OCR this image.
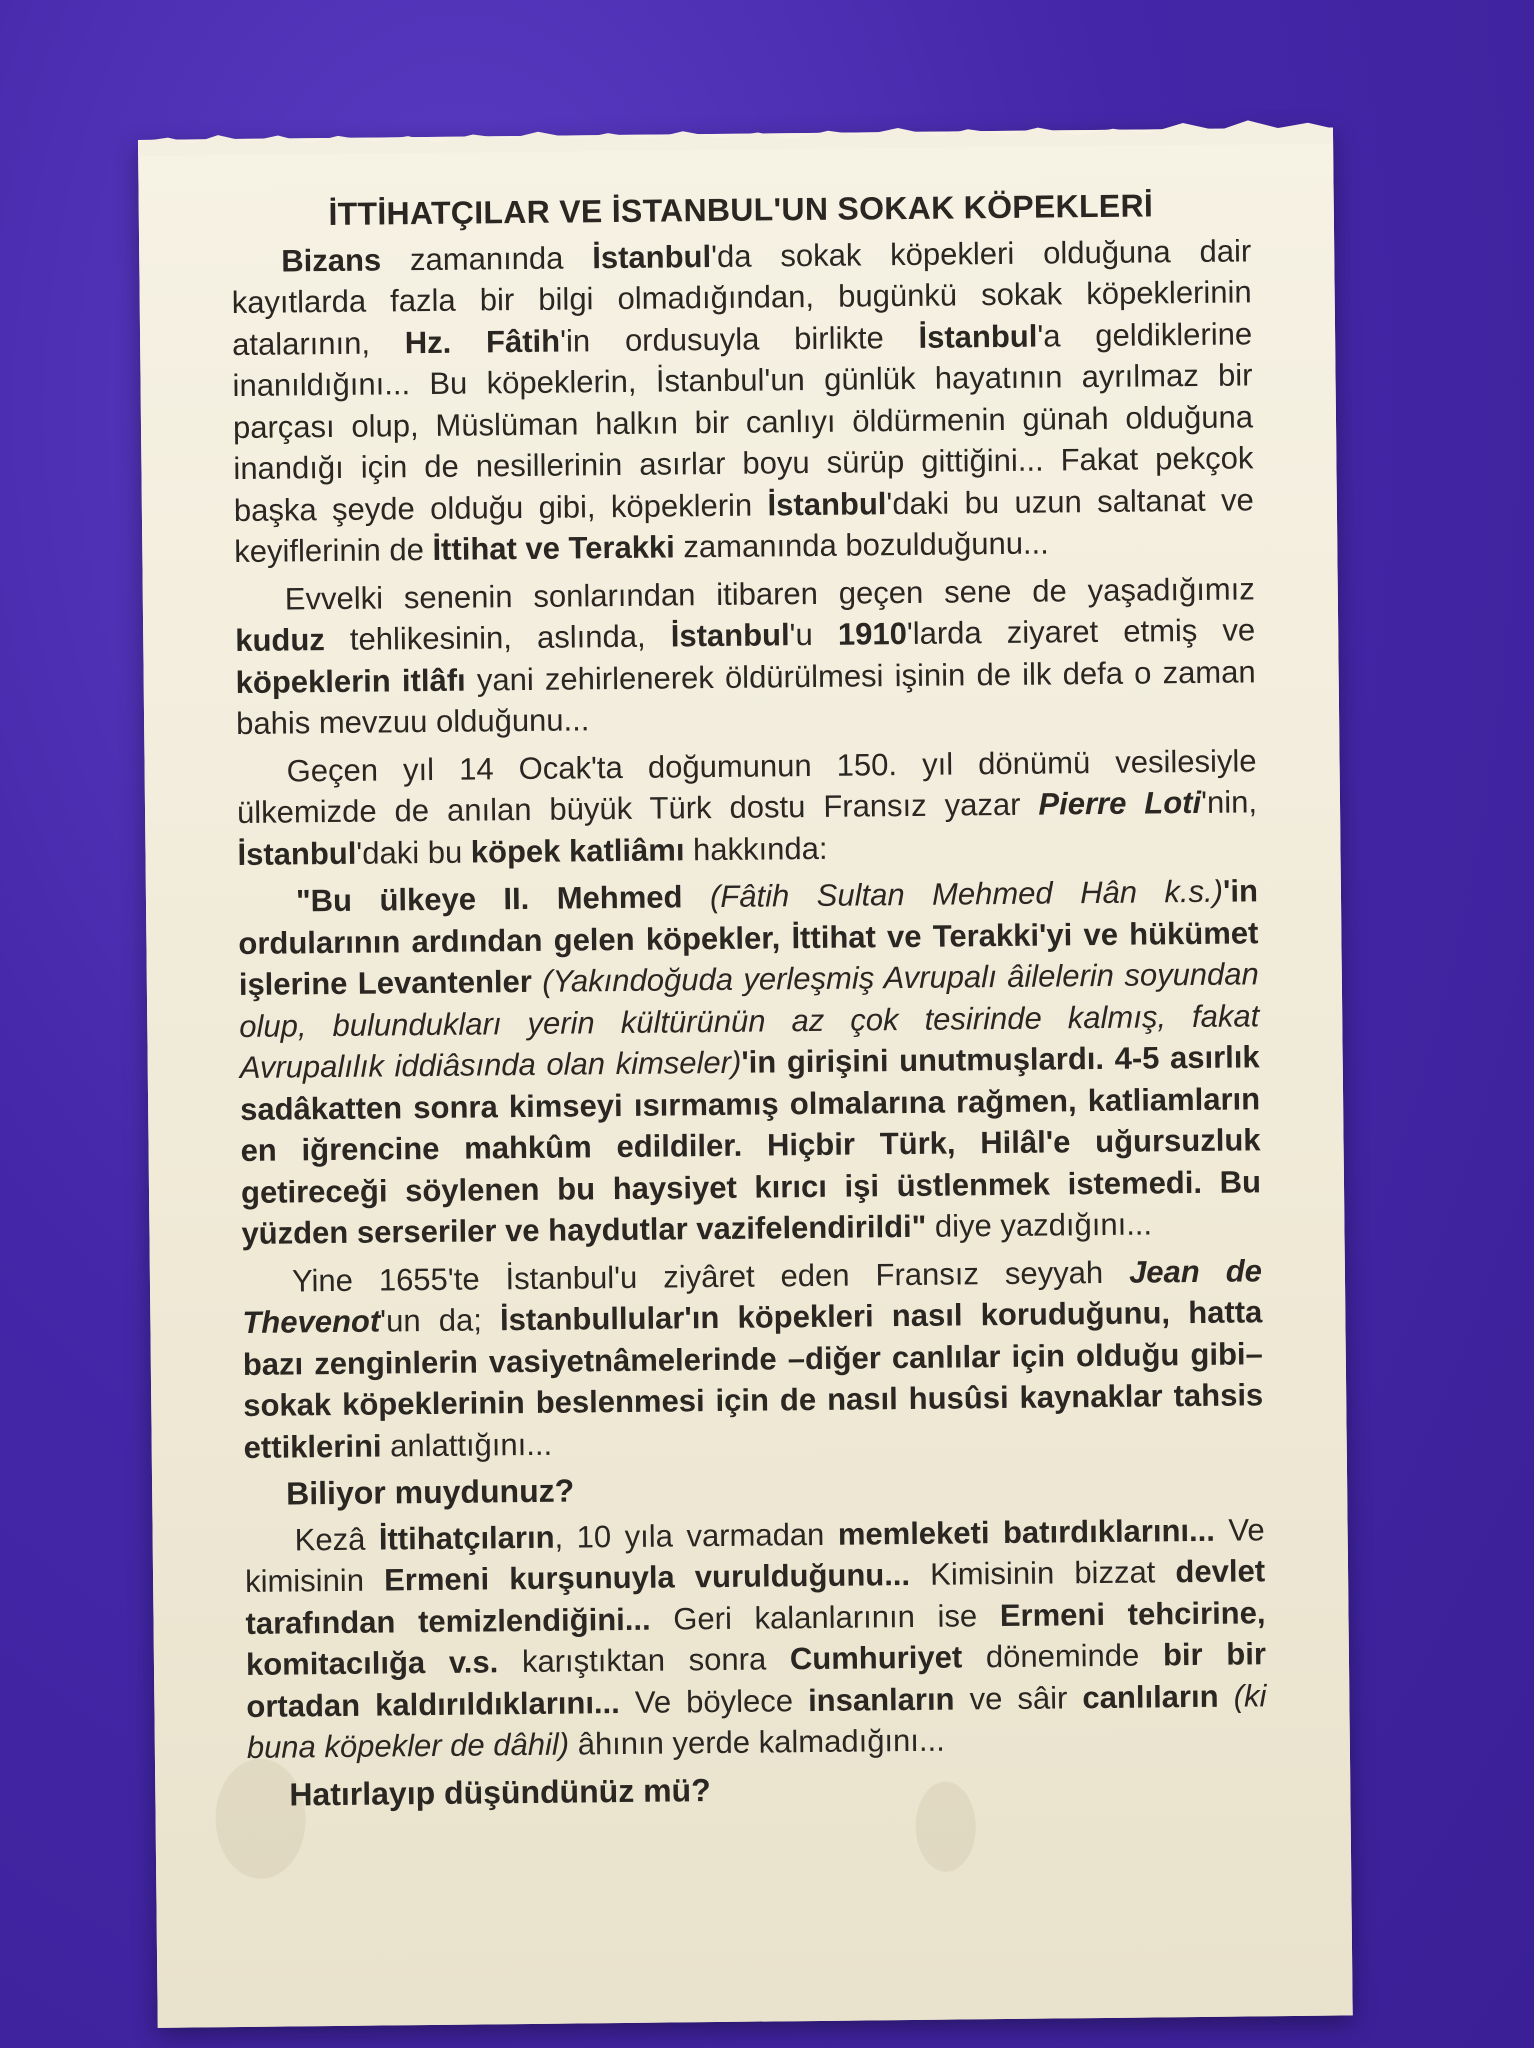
İTTİHATÇILAR VE İSTANBUL'UN SOKAK KÖPEKLERİ

Bizans zamanında İstanbul'da sokak köpekleri olduğuna dair kayıtlarda fazla bir bilgi olmadığından, bugünkü sokak köpeklerinin atalarının, Hz. Fâtih'in ordusuyla birlikte İstanbul'a geldiklerine inanıldığını... Bu köpeklerin, İstanbul'un günlük hayatının ayrılmaz bir parçası olup, Müslüman halkın bir canlıyı öldürmenin günah olduğuna inandığı için de nesillerinin asırlar boyu sürüp gittiğini... Fakat pekçok başka şeyde olduğu gibi, köpeklerin İstanbul'daki bu uzun saltanat ve keyiflerinin de İttihat ve Terakki zamanında bozulduğunu...

Evvelki senenin sonlarından itibaren geçen sene de yaşadığımız kuduz tehlikesinin, aslında, İstanbul'u 1910'larda ziyaret etmiş ve köpeklerin itlâfı yani zehirlenerek öldürülmesi işinin de ilk defa o zaman bahis mevzuu olduğunu...

Geçen yıl 14 Ocak'ta doğumunun 150. yıl dönümü vesilesiyle ülkemizde de anılan büyük Türk dostu Fransız yazar Pierre Loti'nin, İstanbul'daki bu köpek katliâmı hakkında:

"Bu ülkeye II. Mehmed (Fâtih Sultan Mehmed Hân k.s.)'in ordularının ardından gelen köpekler, İttihat ve Terakki'yi ve hükümet işlerine Levantenler (Yakındoğuda yerleşmiş Avrupalı âilelerin soyundan olup, bulundukları yerin kültürünün az çok tesirinde kalmış, fakat Avrupalılık iddiâsında olan kimseler)'in girişini unutmuşlardı. 4-5 asırlık sadâkatten sonra kimseyi ısırmamış olmalarına rağmen, katliamların en iğrencine mahkûm edildiler. Hiçbir Türk, Hilâl'e uğursuzluk getireceği söylenen bu haysiyet kırıcı işi üstlenmek istemedi. Bu yüzden serseriler ve haydutlar vazifelendirildi" diye yazdığını...

Yine 1655'te İstanbul'u ziyâret eden Fransız seyyah Jean de Thevenot'un da; İstanbullular'ın köpekleri nasıl koruduğunu, hatta bazı zenginlerin vasiyetnâmelerinde –diğer canlılar için olduğu gibi– sokak köpeklerinin beslenmesi için de nasıl husûsi kaynaklar tahsis ettiklerini anlattığını...

Biliyor muydunuz?

Kezâ İttihatçıların, 10 yıla varmadan memleketi batırdıklarını... Ve kimisinin Ermeni kurşunuyla vurulduğunu... Kimisinin bizzat devlet tarafından temizlendiğini... Geri kalanlarının ise Ermeni tehcirine, komitacılığa v.s. karıştıktan sonra Cumhuriyet döneminde bir bir ortadan kaldırıldıklarını... Ve böylece insanların ve sâir canlıların (ki buna köpekler de dâhil) âhının yerde kalmadığını...

Hatırlayıp düşündünüz mü?
